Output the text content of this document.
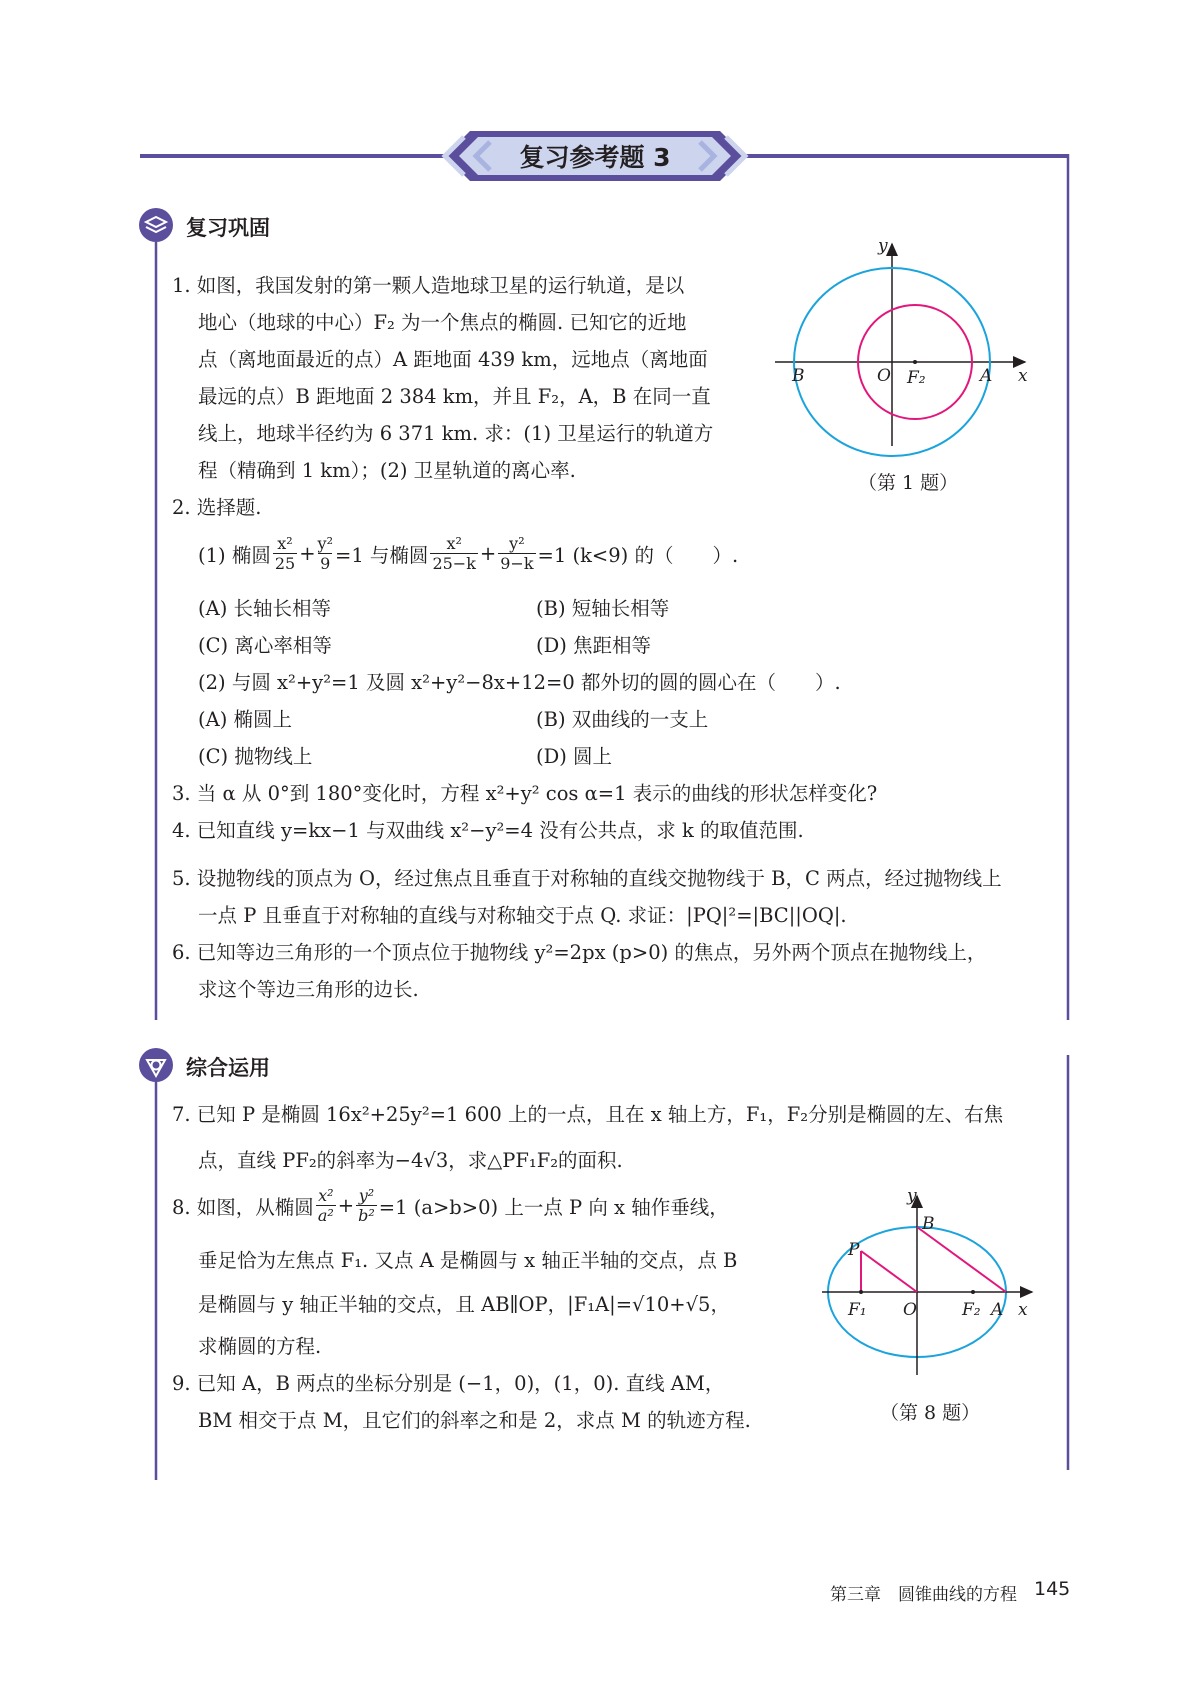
复习参考题 3
复习巩固
1. 如图，我国发射的第一颗人造地球卫星的运行轨道，是以
地心（地球的中心）F₂ 为一个焦点的椭圆. 已知它的近地
点（离地面最近的点）A 距地面 439 km，远地点（离地面
最远的点）B 距地面 2 384 km，并且 F₂，A，B 在同一直
线上，地球半径约为 6 371 km. 求：(1) 卫星运行的轨道方
程（精确到 1 km）；(2) 卫星轨道的离心率.
y
x
B	O F₂	A
（第 1 题）
2. 选择题.
(1) 椭圆 $\frac{\text{x²}}{25} + \frac{\text{y²}}{9} =1$ 与椭圆 $\frac{\text{x²}}{25-k} + \frac{\text{y²}}{9-k} =1$ (k<9) 的（　　）.
(A) 长轴长相等	(B) 短轴长相等
(C) 离心率相等	(D) 焦距相等
(2) 与圆 x²+y²=1 及圆 x²+y²−8x+12=0 都外切的圆的圆心在（　　）.
(A) 椭圆上	(B) 双曲线的一支上
(C) 抛物线上	(D) 圆上
3. 当 α 从 0°到 180°变化时，方程 x²+y² cos α=1 表示的曲线的形状怎样变化?
4. 已知直线 y=kx−1 与双曲线 x²−y²=4 没有公共点，求 k 的取值范围.
5. 设抛物线的顶点为 O，经过焦点且垂直于对称轴的直线交抛物线于 B，C 两点，经过抛物线上
一点 P 且垂直于对称轴的直线与对称轴交于点 Q. 求证：|PQ|²=|BC||OQ|.
6. 已知等边三角形的一个顶点位于抛物线 y²=2px (p>0) 的焦点，另外两个顶点在抛物线上，
求这个等边三角形的边长.
综合运用
7. 已知 P 是椭圆 16x²+25y²=1 600 上的一点，且在 x 轴上方，F₁，F₂分别是椭圆的左、右焦
点，直线 PF₂的斜率为−4√3，求△PF₁F₂的面积.
8. 如图，从椭圆 $\frac{\text{x²}}{\text{a²}} + \frac{\text{y²}}{\text{b²}} =1$ (a>b>0) 上一点 P 向 x 轴作垂线，
垂足恰为左焦点 F₁. 又点 A 是椭圆与 x 轴正半轴的交点，点 B
是椭圆与 y 轴正半轴的交点，且 AB∥OP，|F₁A|=√10+√5，
求椭圆的方程.
9. 已知 A，B 两点的坐标分别是 (−1，0)，(1，0). 直线 AM，
BM 相交于点 M，且它们的斜率之和是 2，求点 M 的轨迹方程.
y
B
P
F₁ O	F₂ A x
（第 8 题）
第三章　圆锥曲线的方程 145
